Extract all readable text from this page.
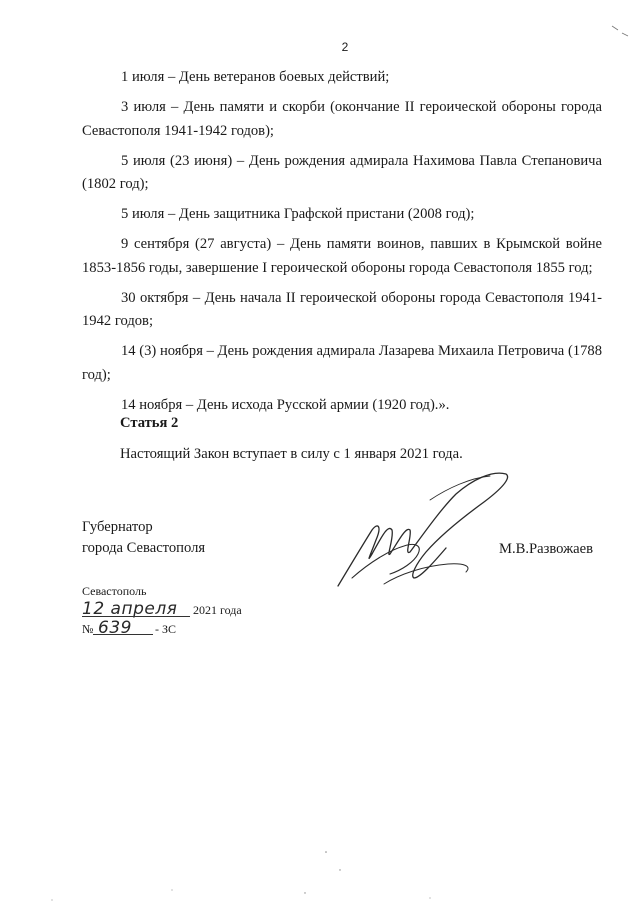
2

1 июля – День ветеранов боевых действий;

3 июля – День памяти и скорби (окончание II героической обороны города Севастополя 1941-1942 годов);

5 июля (23 июня) – День рождения адмирала Нахимова Павла Степановича (1802 год);

5 июля – День защитника Графской пристани (2008 год);

9 сентября (27 августа) – День памяти воинов, павших в Крымской войне 1853-1856 годы, завершение I героической обороны города Севастополя 1855 год;

30 октября – День начала II героической обороны города Севастополя 1941-1942 годов;

14 (3) ноября – День рождения адмирала Лазарева Михаила Петровича (1788 год);

14 ноября – День исхода Русской армии (1920 год).».

Статья 2
Настоящий Закон вступает в силу с 1 января 2021 года.
Губернатор
города Севастополя	М.В.Развожаев
Севастополь
12 апреля 2021 года
№ 639 - ЗС
